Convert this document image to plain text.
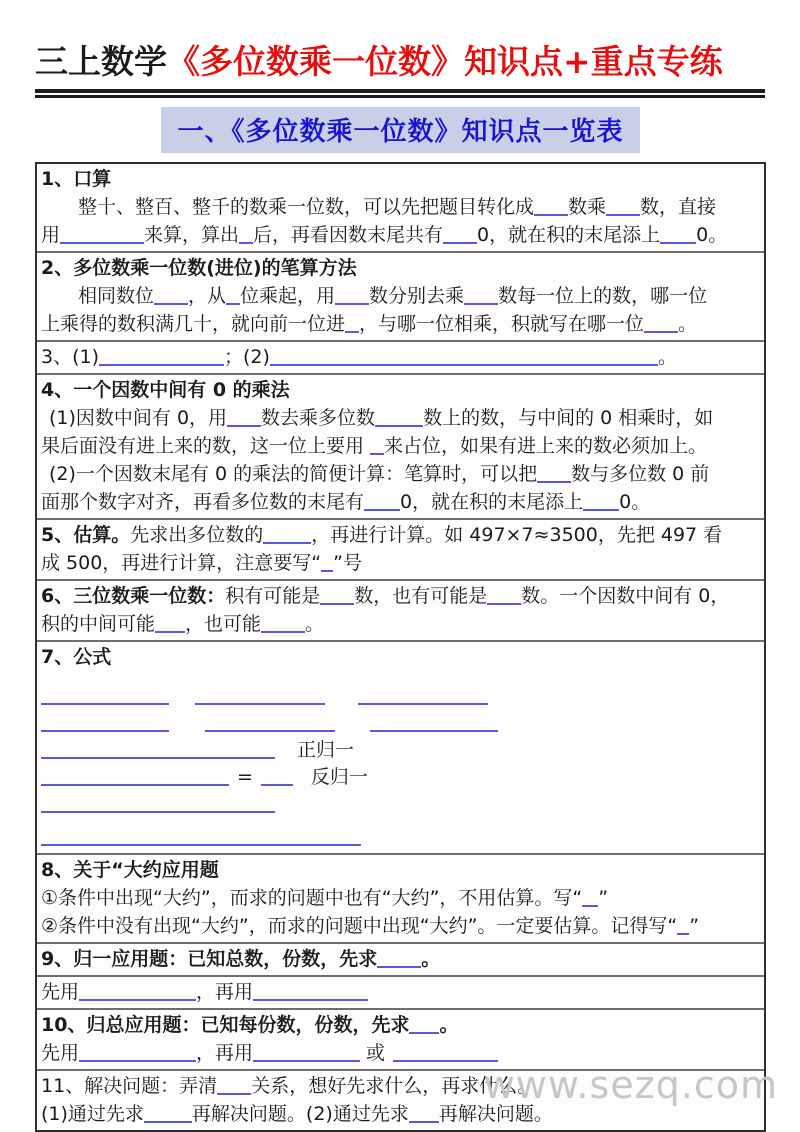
三上数学《多位数乘一位数》知识点+重点专练
一、《多位数乘一位数》知识点一览表
1、口算
整十、整百、整千的数乘一位数，可以先把题目转化成 数乘 数，直接
用	来算，算出 后，再看因数末尾共有 0，就在积的末尾添上 0。
2、多位数乘一位数(进位)的笔算方法
相同数位 ，从 位乘起，用 数分别去乘 数每一位上的数，哪一位
上乘得的数积满几十，就向前一位进 ，与哪一位相乘，积就写在哪一位 。
3、(1)	；(2)	。
4、一个因数中间有 0 的乘法
(1)因数中间有 0，用 数去乘多位数	数上的数，与中间的 0 相乘时，如
果后面没有进上来的数，这一位上要用 来占位，如果有进上来的数必须加上。
(2)一个因数末尾有 0 的乘法的简便计算：笔算时，可以把 数与多位数 0 前
面那个数字对齐，再看多位数的末尾有 0，就在积的末尾添上 0。
5、估算。先求出多位数的	，再进行计算。如 497×7≈3500，先把 497 看
成 500，再进行计算，注意要写“ ”号
6、三位数乘一位数：积有可能是 数，也有可能是 数。一个因数中间有 0，
积的中间可能 ，也可能 。
7、公式
正归一
=	反归一
8、关于“大约应用题
①条件中出现“大约”，而求的问题中也有“大约”，不用估算。写“ ”
②条件中没有出现“大约”，而求的问题中出现“大约”。一定要估算。记得写“ ”
9、归一应用题：已知总数，份数，先求 。
先用	，再用
10、归总应用题：已知每份数，份数，先求 。
先用	，再用	或
11、解决问题：弄清 关系，想好先求什么，再求什么。
(1)通过先求	再解决问题。(2)通过先求 再解决问题。
www.sezq.com
